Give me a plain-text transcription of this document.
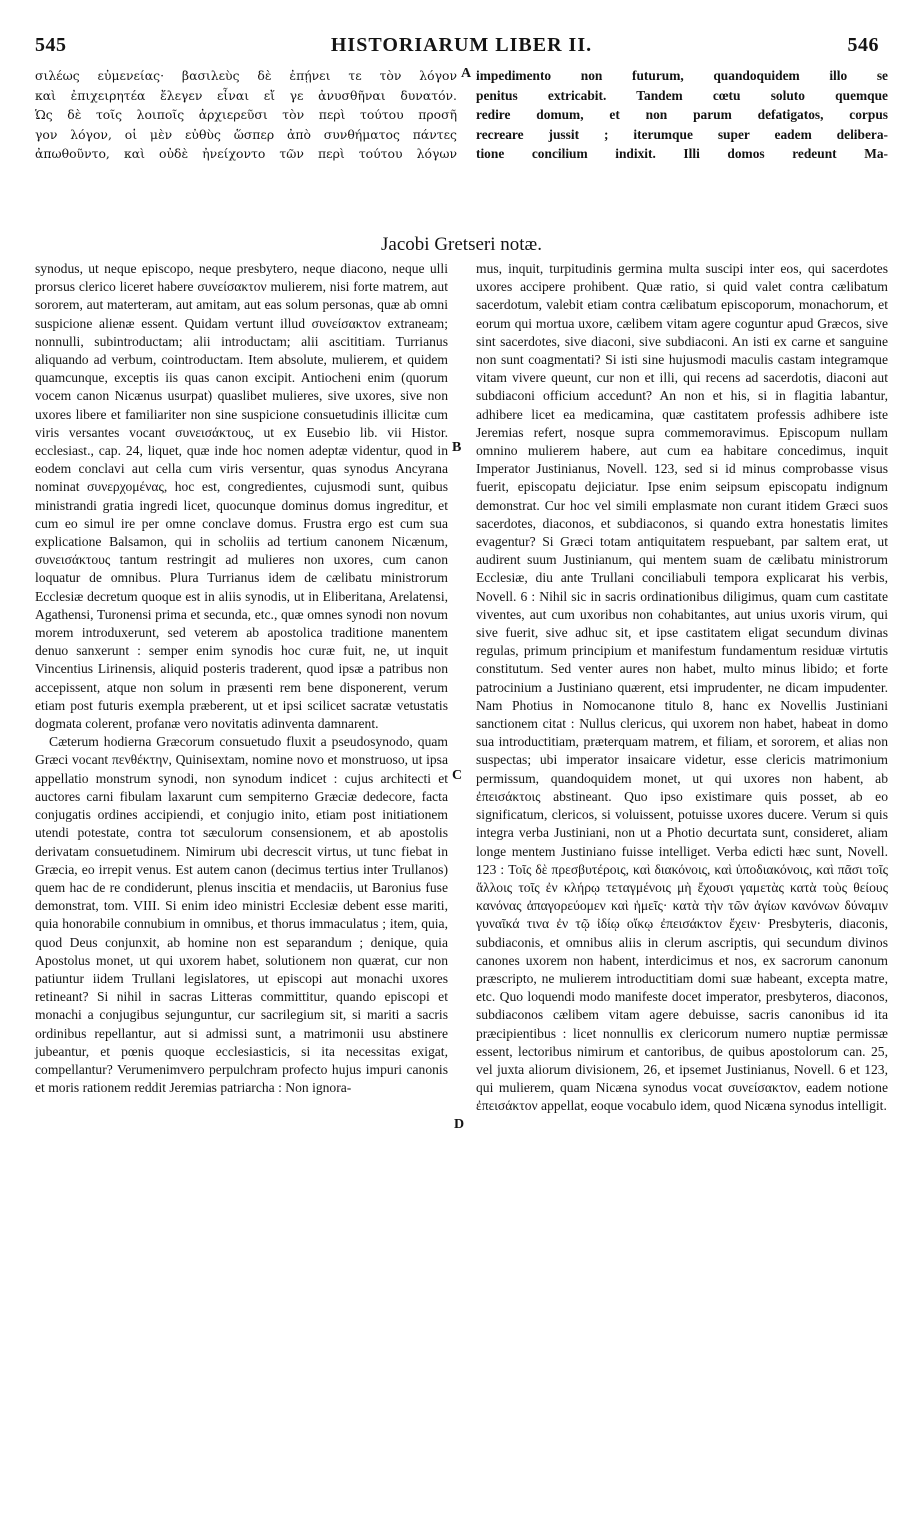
545	HISTORIARUM LIBER II.	546
σιλέως εὐμενείας· βασιλεὺς δὲ ἐπῄνει τε τὸν λόγον
καὶ ἐπιχειρητέα ἔλεγεν εἶναι εἴ γε ἀνυσθῆναι δυνατόν.
Ὡς δὲ τοῖς λοιποῖς ἀρχιερεῦσι τὸν περὶ τούτου προσῆ
γον λόγον, οἱ μὲν εὐθὺς ὥσπερ ἀπὸ συνθήματος πάντες
ἀπωθοῦντο, καὶ οὐδὲ ἠνείχοντο τῶν περὶ τούτου λόγων
A impedimento non futurum, quandoquidem illo se
penitus extricabit. Tandem cœtu soluto quemque
redire domum, et non parum defatigatos, corpus
recreare jussit ; iterumque super eadem delibera-
tione concilium indixit. Illi domos redeunt Ma-
Jacobi Gretseri notæ.

synodus, ut neque episcopo, neque presbytero, neque diacono, neque ulli prorsus clerico liceret habere συνείσακτον mulierem, nisi forte matrem, aut sororem, aut materteram, aut amitam, aut eas solum personas, quæ ab omni suspicione alienæ essent. Quidam vertunt illud συνείσακτον extraneam; nonnulli, subintroductam; alii introductam; alii ascititiam. Turrianus aliquando ad verbum, cointroductam. Item absolute, mulierem, et quidem quamcunque, exceptis iis quas canon excipit. Antiocheni enim (quorum vocem canon Nicænus usurpat) quaslibet mulieres, sive uxores, sive non uxores libere et familiariter non sine suspicione consuetudinis illicitæ cum viris versantes vocant συνεισάκτους, ut ex Eusebio lib. vii Histor. ecclesiast., cap. 24, liquet, quæ inde hoc nomen adeptæ videntur, quod in eodem conclavi aut cella cum viris versentur, quas synodus Ancyrana nominat συνερχομένας, hoc est, congredientes, cujusmodi sunt, quibus ministrandi gratia ingredi licet, quocunque dominus domus ingreditur, et cum eo simul ire per omne conclave domus. Frustra ergo est cum sua explicatione Balsamon, qui in scholiis ad tertium canonem Nicænum, συνεισάκτους tantum restringit ad mulieres non uxores, cum canon loquatur de omnibus. Plura Turrianus idem de cælibatu ministrorum Ecclesiæ decretum quoque est in aliis synodis, ut in Eliberitana, Arelatensi, Agathensi, Turonensi prima et secunda, etc., quæ omnes synodi non novum morem introduxerunt, sed veterem ab apostolica traditione manentem denuo sanxerunt : semper enim synodis hoc curæ fuit, ne, ut inquit Vincentius Lirinensis, aliquid posteris traderent, quod ipsæ a patribus non accepissent, atque non solum in præsenti rem bene disponerent, verum etiam post futuris exempla præberent, ut et ipsi scilicet sacratæ vetustatis dogmata colerent, profanæ vero novitatis adinventa damnarent.

Cæterum hodierna Græcorum consuetudo fluxit a pseudosynodo, quam Græci vocant πενθέκτην, Quinisextam, nomine novo et monstruoso, ut ipsa appellatio monstrum synodi, non synodum indicet : cujus architecti et auctores carni fibulam laxarunt cum sempiterno Græciæ dedecore, facta conjugatis ordines accipiendi, et conjugio inito, etiam post initiationem utendi potestate, contra tot sæculorum consensionem, et ab apostolis derivatam consuetudinem. Nimirum ubi decrescit virtus, ut tunc fiebat in Græcia, eo irrepit venus. Est autem canon (decimus tertius inter Trullanos) quem hac de re condiderunt, plenus inscitia et mendaciis, ut Baronius fuse demonstrat, tom. VIII. Si enim ideo ministri Ecclesiæ debent esse mariti, quia honorabile connubium in omnibus, et thorus immaculatus ; item, quia, quod Deus conjunxit, ab homine non est separandum ; denique, quia Apostolus monet, ut qui uxorem habet, solutionem non quærat, cur non patiuntur iidem Trullani legislatores, ut episcopi aut monachi uxores retineant? Si nihil in sacras Litteras committitur, quando episcopi et monachi a conjugibus sejunguntur, cur sacrilegium sit, si mariti a sacris ordinibus repellantur, aut si admissi sunt, a matrimonii usu abstinere jubeantur, et pœnis quoque ecclesiasticis, si ita necessitas exigat, compellantur? Verumenimvero perpulchram profecto hujus impuri canonis et moris rationem reddit Jeremias patriarcha : Non ignora-

B
C
D

mus, inquit, turpitudinis germina multa suscipi inter eos, qui sacerdotes uxores accipere prohibent. Quæ ratio, si quid valet contra cælibatum sacerdotum, valebit etiam contra cælibatum episcoporum, monachorum, et eorum qui mortua uxore, cælibem vitam agere coguntur apud Græcos, sive sint sacerdotes, sive diaconi, sive subdiaconi. An isti ex carne et sanguine non sunt coagmentati? Si isti sine hujusmodi maculis castam integramque vitam vivere queunt, cur non et illi, qui recens ad sacerdotis, diaconi aut subdiaconi officium accedunt? An non et his, si in flagitia labantur, adhibere licet ea medicamina, quæ castitatem professis adhibere iste Jeremias refert, nosque supra commemoravimus. Episcopum nullam omnino mulierem habere, aut cum ea habitare concedimus, inquit Imperator Justinianus, Novell. 123, sed si id minus comprobasse visus fuerit, episcopatu dejiciatur. Ipse enim seipsum episcopatu indignum demonstrat. Cur hoc vel simili emplasmate non curant itidem Græci suos sacerdotes, diaconos, et subdiaconos, si quando extra honestatis limites evagentur? Si Græci totam antiquitatem respuebant, par saltem erat, ut audirent suum Justinianum, qui mentem suam de cælibatu ministrorum Ecclesiæ, diu ante Trullani conciliabuli tempora explicarat his verbis, Novell. 6 : Nihil sic in sacris ordinationibus diligimus, quam cum castitate viventes, aut cum uxoribus non cohabitantes, aut unius uxoris virum, qui sive fuerit, sive adhuc sit, et ipse castitatem eligat secundum divinas regulas, primum principium et manifestum fundamentum residuæ virtutis constitutum. Sed venter aures non habet, multo minus libido; et forte patrocinium a Justiniano quærent, etsi imprudenter, ne dicam impudenter. Nam Photius in Nomocanone titulo 8, hanc ex Novellis Justiniani sanctionem citat : Nullus clericus, qui uxorem non habet, habeat in domo sua introductitiam, præterquam matrem, et filiam, et sororem, et alias non suspectas; ubi imperator insaicare videtur, esse clericis matrimonium permissum, quandoquidem monet, ut qui uxores non habent, ab ἐπεισάκτοις abstineant. Quo ipso existimare quis posset, ab eo significatum, clericos, si voluissent, potuisse uxores ducere. Verum si quis integra verba Justiniani, non ut a Photio decurtata sunt, consideret, aliam longe mentem Justiniano fuisse intelliget. Verba edicti hæc sunt, Novell. 123 : Τοῖς δὲ πρεσβυτέροις, καὶ διακόνοις, καὶ ὑποδιακόνοις, καὶ πᾶσι τοῖς ἄλλοις τοῖς ἐν κλήρῳ τεταγμένοις μὴ ἔχουσι γαμετὰς κατὰ τοὺς θείους κανόνας ἀπαγορεύομεν καὶ ἡμεῖς· κατὰ τὴν τῶν ἁγίων κανόνων δύναμιν γυναῖκά τινα ἐν τῷ ἰδίῳ οἴκῳ ἐπεισάκτον ἔχειν· Presbyteris, diaconis, subdiaconis, et omnibus aliis in clerum ascriptis, qui secundum divinos canones uxorem non habent, interdicimus et nos, ex sacrorum canonum præscripto, ne mulierem introductitiam domi suæ habeant, excepta matre, etc. Quo loquendi modo manifeste docet imperator, presbyteros, diaconos, subdiaconos cælibem vitam agere debuisse, sacris canonibus id ita præcipientibus : licet nonnullis ex clericorum numero nuptiæ permissæ essent, lectoribus nimirum et cantoribus, de quibus apostolorum can. 25, vel juxta aliorum divisionem, 26, et ipsemet Justinianus, Novell. 6 et 123, qui mulierem, quam Nicæna synodus vocat συνείσακτον, eadem notione ἐπεισάκτον appellat, eoque vocabulo idem, quod Nicæna synodus intelligit.
